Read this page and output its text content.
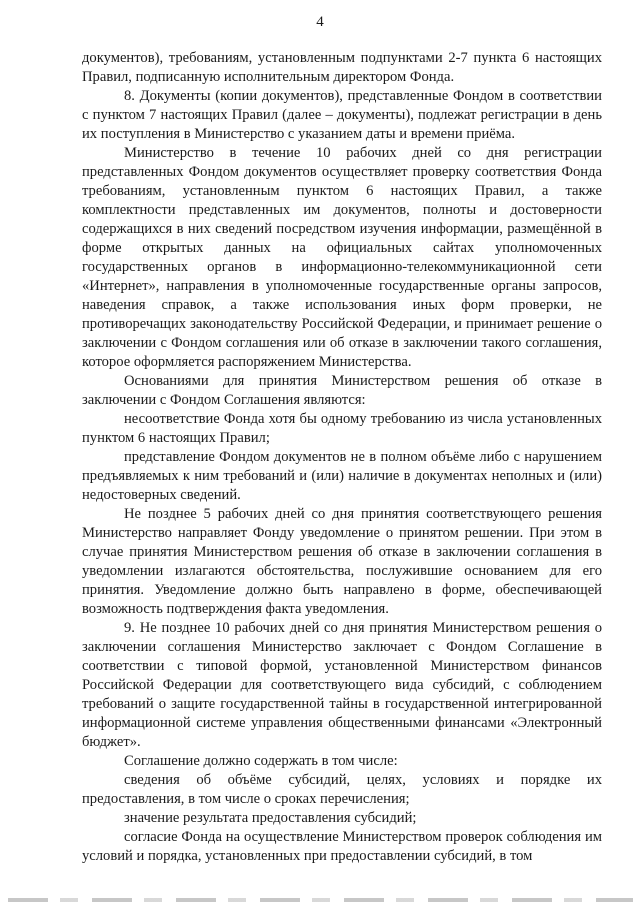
4

документов), требованиям, установленным подпунктами 2-7 пункта 6 настоящих Правил, подписанную исполнительным директором Фонда.

8. Документы (копии документов), представленные Фондом в соответствии с пунктом 7 настоящих Правил (далее – документы), подлежат регистрации в день их поступления в Министерство с указанием даты и времени приёма.

Министерство в течение 10 рабочих дней со дня регистрации представленных Фондом документов осуществляет проверку соответствия Фонда требованиям, установленным пунктом 6 настоящих Правил, а также комплектности представленных им документов, полноты и достоверности содержащихся в них сведений посредством изучения информации, размещённой в форме открытых данных на официальных сайтах уполномоченных государственных органов в информационно-телекоммуникационной сети «Интернет», направления в уполномоченные государственные органы запросов, наведения справок, а также использования иных форм проверки, не противоречащих законодательству Российской Федерации, и принимает решение о заключении с Фондом соглашения или об отказе в заключении такого соглашения, которое оформляется распоряжением Министерства.

Основаниями для принятия Министерством решения об отказе в заключении с Фондом Соглашения являются:

несоответствие Фонда хотя бы одному требованию из числа установленных пунктом 6 настоящих Правил;

представление Фондом документов не в полном объёме либо с нарушением предъявляемых к ним требований и (или) наличие в документах неполных и (или) недостоверных сведений.

Не позднее 5 рабочих дней со дня принятия соответствующего решения Министерство направляет Фонду уведомление о принятом решении. При этом в случае принятия Министерством решения об отказе в заключении соглашения в уведомлении излагаются обстоятельства, послужившие основанием для его принятия. Уведомление должно быть направлено в форме, обеспечивающей возможность подтверждения факта уведомления.

9. Не позднее 10 рабочих дней со дня принятия Министерством решения о заключении соглашения Министерство заключает с Фондом Соглашение в соответствии с типовой формой, установленной Министерством финансов Российской Федерации для соответствующего вида субсидий, с соблюдением требований о защите государственной тайны в государственной интегрированной информационной системе управления общественными финансами «Электронный бюджет».

Соглашение должно содержать в том числе:

сведения об объёме субсидий, целях, условиях и порядке их предоставления, в том числе о сроках перечисления;

значение результата предоставления субсидий;

согласие Фонда на осуществление Министерством проверок соблюдения им условий и порядка, установленных при предоставлении субсидий, в том
